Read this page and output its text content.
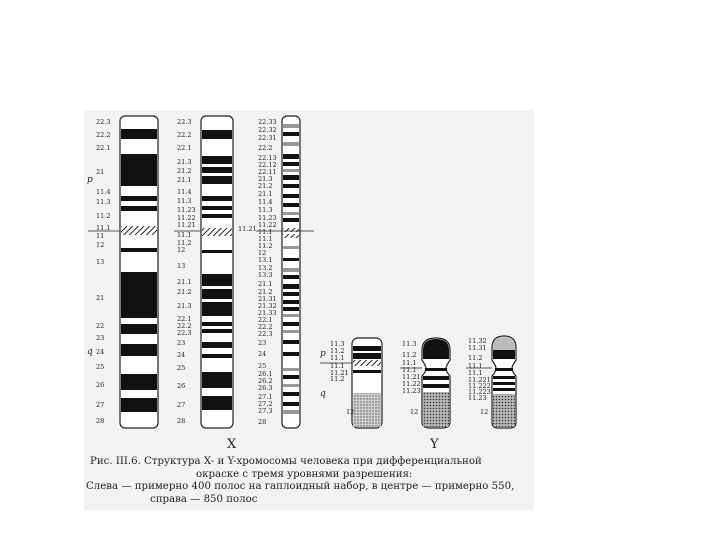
22.3
22.2
22.1
21
11.4
11.3
11.2
11.1
11
12
13
21
22
23
24
25
26
27
28
p
q
22.3
22.2
22.1
21.3
21.2
21.1
11.4
11.3
11.23
11.22
11.21
11.1
11.2
12
13
21.1
21.2
21.3
22.1
22.2
22.3
23
24
25
26
27
28
X
22.33
22.32
22.31
22.2
22.13
22.12
22.11
21.3
21.2
21.1
11.4
11.3
11.23
11.22
11.1
11.1
11.2
12
13.1
13.2
13.3
21.1
21.2
21.31
21.32
21.33
22.1
22.2
22.3
23
24
25
26.1
26.2
26.3
27.1
27.2
27.3
28
11.21
11.3
11.2
11.1
11.1
11.21
11.2
12
p
q
11.3
11.2
11.1
11.1
11.21
11.22
11.23
12
Y
11.32
11.31
11.2
11.1
11.1
11.221
11.222
11.223
11.23
12
Рис. III.6. Структура X- и Y-хромосомы человека при дифференциальной
окраске с тремя уровнями разрешения:
Слева — примерно 400 полос на гаплоидный набор, в центре — примерно 550,
справа — 850 полос
